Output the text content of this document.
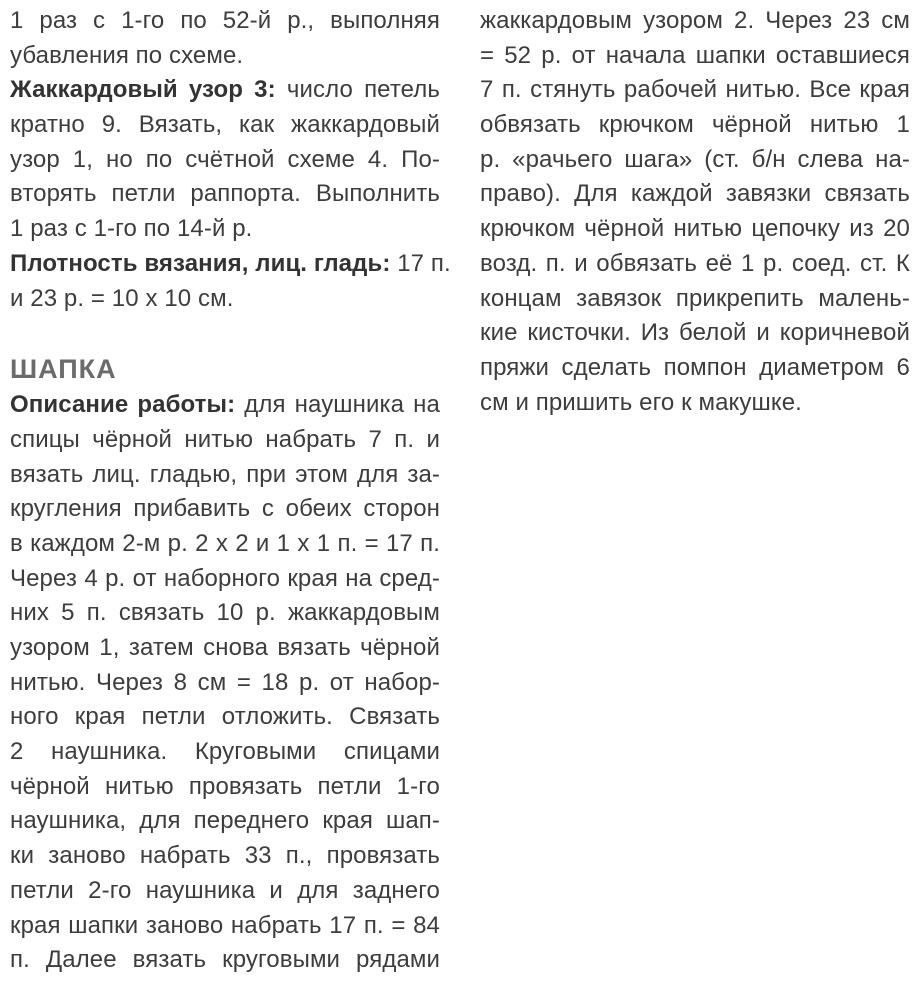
1 раз с 1-го по 52-й р., выполняя
убавления по схеме.
Жаккардовый узор 3: число петель
кратно 9. Вязать, как жаккардовый
узор 1, но по счётной схеме 4. По-
вторять петли раппорта. Выполнить
1 раз с 1-го по 14-й р.
Плотность вязания, лиц. гладь: 17 п.
и 23 р. = 10 х 10 см.
ШАПКА
Описание работы: для наушника на
спицы чёрной нитью набрать 7 п. и
вязать лиц. гладью, при этом для за-
кругления прибавить с обеих сторон
в каждом 2-м р. 2 х 2 и 1 х 1 п. = 17 п.
Через 4 р. от наборного края на сред-
них 5 п. связать 10 р. жаккардовым
узором 1, затем снова вязать чёрной
нитью. Через 8 см = 18 р. от набор-
ного края петли отложить. Связать
2 наушника. Круговыми спицами
чёрной нитью провязать петли 1-го
наушника, для переднего края шап-
ки заново набрать 33 п., провязать
петли 2-го наушника и для заднего
края шапки заново набрать 17 п. = 84
п. Далее вязать круговыми рядами
жаккардовым узором 2. Через 23 см
= 52 р. от начала шапки оставшиеся
7 п. стянуть рабочей нитью. Все края
обвязать крючком чёрной нитью 1
р. «рачьего шага» (ст. б/н слева на-
право). Для каждой завязки связать
крючком чёрной нитью цепочку из 20
возд. п. и обвязать её 1 р. соед. ст. К
концам завязок прикрепить малень-
кие кисточки. Из белой и коричневой
пряжи сделать помпон диаметром 6
см и пришить его к макушке.
